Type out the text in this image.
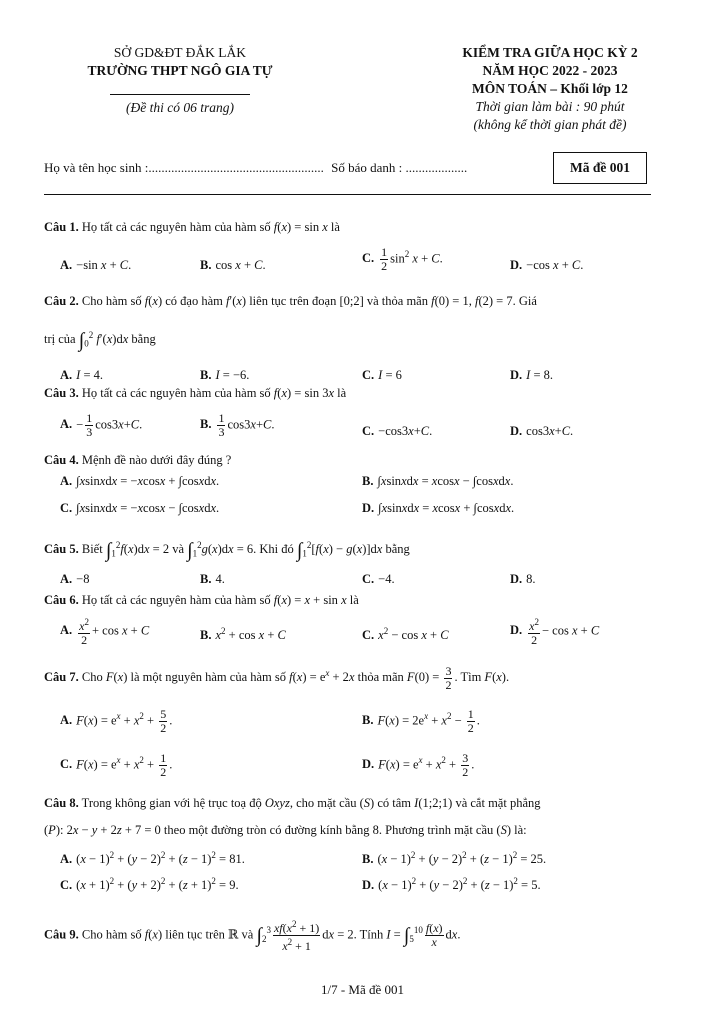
SỞ GD&ĐT ĐẮK LẮK
TRƯỜNG THPT NGÔ GIA TỰ
(Đề thi có 06 trang)
KIỂM TRA GIỮA HỌC KỲ 2
NĂM HỌC 2022 - 2023
MÔN TOÁN – Khối lớp 12
Thời gian làm bài : 90 phút
(không kể thời gian phát đề)
Họ và tên học sinh :...................................................... Số báo danh : ...................	Mã đề 001
Câu 1. Họ tất cả các nguyên hàm của hàm số f(x) = sin x là
A. −sin x + C.	B. cos x + C.	C. $\frac{1}{2} \sin^2 x + C$.	D. −cos x + C.
Câu 2. Cho hàm số f(x) có đạo hàm f′(x) liên tục trên đoạn [0;2] và thỏa mãn f(0) = 1, f(2) = 7. Giá
trị của $\int_0^2$ f′(x)dx bằng
A. I = 4.	B. I = −6.	C. I = 6	D. I = 8.
Câu 3. Họ tất cả các nguyên hàm của hàm số f(x) = sin 3x là
A. − $\frac{1}{3} \cos 3x+C$.	B. $\frac{1}{3} \cos 3x+C$.	C. −cos3x+C.	D. cos3x+C.
Câu 4. Mệnh đề nào dưới đây đúng ?
A. ∫xsinxdx = −xcosx + ∫cosxdx.	B. ∫xsinxdx = xcosx − ∫cosxdx.
C. ∫xsinxdx = −xcosx − ∫cosxdx.	D. ∫xsinxdx = xcosx + ∫cosxdx.
Câu 5. Biết $\int_1^2f(x)dx = 2$ và $\int_1^2g(x)dx = 6$. Khi đó $\int_1^2[f(x) - g(x)]dx$ bằng
A. −8	B. 4.	C. −4.	D. 8.
Câu 6. Họ tất cả các nguyên hàm của hàm số f(x) = x + sin x là
A. $\frac{x^2}{2} + \cos x + C$	B. $x^2 + \cos x + C$	C. $x^2 - \cos x + C$	D. $\frac{x^2}{2} - \cos x + C$
Câu 7. Cho F(x) là một nguyên hàm của hàm số $f(x) = e^x + 2x$ thỏa mãn $F(0) = \frac{3}{2}$ . Tìm F(x).
A. $F(x) = e^x + x^2 + \frac{5}{2}$ .	B. $F(x) = 2e^x + x^2 - \frac{1}{2}$ .
C. $F(x) = e^x + x^2 + \frac{1}{2}$ .	D. $F(x) = e^x + x^2 + \frac{3}{2}$ .
Câu 8. Trong không gian với hệ trục toạ độ Oxyz, cho mặt cầu (S) có tâm I(1;2;1) và cắt mặt phẳng
(P): 2x − y + 2z + 7 = 0 theo một đường tròn có đường kính bằng 8. Phương trình mặt cầu (S) là:
A. $(x - 1)^2 + (y - 2)^2 + (z - 1)^2 = 81$.	B. $(x - 1)^2 + (y - 2)^2 + (z - 1)^2 = 25$.
C. $(x + 1)^2 + (y + 2)^2 + (z + 1)^2 = 9$.	D. $(x - 1)^2 + (y - 2)^2 + (z - 1)^2 = 5$.
Câu 9. Cho hàm số f(x) liên tục trên ℝ và $\int_2^3 \frac{xf(x^2 + 1)}{x^2 + 1}$ dx = 2. Tính $I = \int_5^{10} \frac{f(x)}{x}$ dx.
1/7 - Mã đề 001
